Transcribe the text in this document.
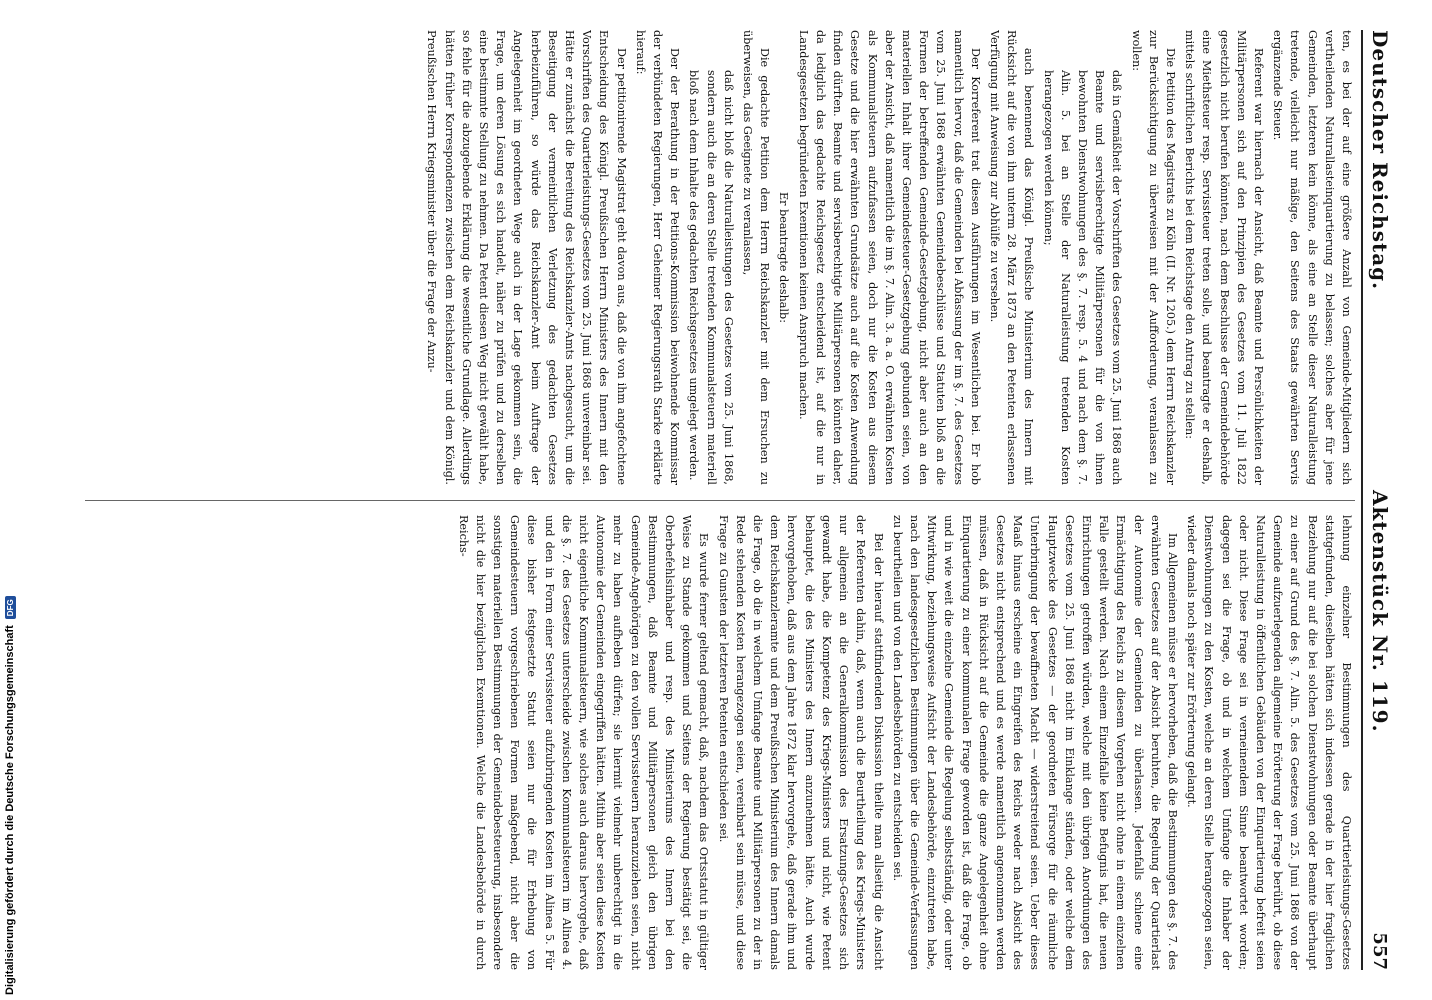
Deutscher Reichstag.
Aktenstück Nr. 119.
557

ten, es bei der auf eine größere Anzahl von Gemeinde-Mitgliedern sich vertheilenden Naturallasteinquartierung zu belassen; solches aber für jene Gemeinden, letzteren kein könne, als eine an Stelle dieser Naturalleistung tretende, vielleicht nur mäßige, den Seitens des Staats gewährten Servis ergänzende Steuer.

Referent war hiernach der Ansicht, daß Beamte und Persönlichkeiten der Militärpersonen sich auf den Prinzipien des Gesetzes vom 11. Juli 1822 gesetzlich nicht berufen könnten, nach dem Beschlusse der Gemeindebehörde eine Miethsteuer resp. Servissteuer treten solle, und beantragte er deshalb, mittels schriftlichen Berichts bei dem Reichstage den Antrag zu stellen:

Die Petition des Magistrats zu Köln (II. Nr. 1205.) dem Herrn Reichskanzler zur Berücksichtigung zu überweisen mit der Aufforderung, veranlassen zu wollen:

daß in Gemäßheit der Vorschriften des Gesetzes vom 25. Juni 1868 auch Beamte und servisberechtigte Militärpersonen für die von ihnen bewohnten Dienstwohnungen des §. 7. resp. 5. 4 und nach dem §. 7. Alin. 5. bei an Stelle der Naturalleistung tretenden Kosten herangezogen werden können;

auch benennend das Königl. Preußische Ministerium des Innern mit Rücksicht auf die von ihm unterm 28. März 1873 an den Petenten erlassenen Verfügung mit Anweisung zur Abhülfe zu versehen.

Der Korreferent trat diesen Ausführungen im Wesentlichen bei. Er hob namentlich hervor, daß die Gemeinden bei Abfassung der im §. 7. des Gesetzes vom 25. Juni 1868 erwähnten Gemeindebeschlüsse und Statuten bloß an die Formen der betreffenden Gemeinde-Gesetzgebung, nicht aber auch an den materiellen Inhalt ihrer Gemeindesteuer-Gesetzgebung gebunden seien, von aber der Ansicht, daß namentlich die im §. 7. Alin. 3. a. a. O. erwähnten Kosten als Kommunalsteuern aufzufassen seien, doch nur die Kosten aus diesem Gesetze und die hier erwähnten Grundsätze auch auf die Kosten Anwendung finden dürften. Beamte und servisberechtigte Militärpersonen könnten daher, da lediglich das gedachte Reichsgesetz entscheidend ist, auf die nur in Landesgesetzen begründeten Exemtionen keinen Anspruch machen.

Er beantragte deshalb:

Die gedachte Petition dem Herrn Reichskanzler mit dem Ersuchen zu überweisen, das Geeignete zu veranlassen,

daß nicht bloß die Naturalleistungen des Gesetzes vom 25. Juni 1868, sondern auch die an deren Stelle tretenden Kommunalsteuern materiell bloß nach dem Inhalte des gedachten Reichsgesetzes umgelegt werden.

Der der Berathung in der Petitions-Kommission beiwohnende Kommissar der verbündeten Regierungen, Herr Geheimer Regierungsrath Starke erklärte hierauf:

Der petitionirende Magistrat geht davon aus, daß die von ihm angefochtene Entscheidung des Königl. Preußischen Herrn Ministers des Innern mit den Vorschriften des Quartierleistungs-Gesetzes vom 25. Juni 1868 unvereinbar sei. Hätte er zunächst die Bereitung des Reichskanzler-Amts nachgesucht, um die Beseitigung der vermeintlichen Verletzung des gedachten Gesetzes herbeizuführen, so würde das Reichskanzler-Amt beim Auftrage der Angelegenheit im geordneten Wege auch in der Lage gekommen sein, die Frage, um deren Lösung es sich handelt, näher zu prüfen und zu derselben eine bestimmte Stellung zu nehmen. Da Petent diesen Weg nicht gewählt habe, so fehle für die abzugebende Erklärung die wesentliche Grundlage. Allerdings hätten früher Korrespondenzen zwischen dem Reichskanzler und dem Königl. Preußischen Herrn Kriegsminister über die Frage der Anzu-

lehnung einzelner Bestimmungen des Quartierleistungs-Gesetzes stattgefunden, dieselben hätten sich indessen gerade in der hier fraglichen Beziehung nur auf die bei solchen Dienstwohnungen oder Beamte überhaupt zu einer auf Grund des §. 7. Alin. 5. des Gesetzes vom 25. Juni 1868 von der Gemeinde aufzuerlegenden allgemeine Erörterung der Frage berührt, ob diese Naturalleistung in öffentlichen Gebäuden von der Einquartierung befreit seien oder nicht. Diese Frage sei in verneinendem Sinne beantwortet worden; dagegen sei die Frage, ob und in welchem Umfange die Inhaber der Dienstwohnungen zu den Kosten, welche an deren Stelle herangezogen seien, wieder damals noch später zur Erörterung gelangt.

Im Allgemeinen müsse er hervorheben, daß die Bestimmungen des §. 7. des erwähnten Gesetzes auf der Absicht beruhten, die Regelung der Quartierlast der Autonomie der Gemeinden zu überlassen. Jedenfalls schiene eine Ermächtigung des Reichs zu diesem Vorgehen nicht ohne in einem einzelnen Falle gestellt werden. Nach einem Einzelfalle keine Befugnis hat, die neuen Einrichtungen getroffen würden, welche mit den übrigen Anordnungen des Gesetzes vom 25. Juni 1868 nicht im Einklange ständen, oder welche dem Hauptzwecke des Gesetzes — der geordneten Fürsorge für die räumliche Unterbringung der bewaffneten Macht — widerstreitend seien. Ueber dieses Maaß hinaus erscheine ein Eingreifen des Reichs weder nach Absicht des Gesetzes nicht entsprechend und es werde namentlich angenommen werden müssen, daß in Rücksicht auf die Gemeinde die ganze Angelegenheit ohne Einquartierung zu einer kommunalen Frage geworden ist, daß die Frage, ob und in wie weit die einzelne Gemeinde die Regelung selbstständig, oder unter Mitwirkung, beziehungsweise Aufsicht der Landesbehörde, einzutreten habe, nach den landesgesetzlichen Bestimmungen über die Gemeinde-Verfassungen zu beurtheilen und von den Landesbehörden zu entscheiden sei.

Bei der hierauf stattfindenden Diskussion theilte man allseitig die Ansicht der Referenten dahin, daß, wenn auch die Beurtheilung des Kriegs-Ministers nur allgemein an die Generalkommission des Ersatzungs-Gesetzes sich gewandt habe, die Kompetenz des Kriegs-Ministers und nicht, wie Petent behauptet, die des Ministers des Innern anzunehmen hätte. Auch wurde hervorgehoben, daß aus dem Jahre 1872 klar hervorgehe, daß gerade ihm und dem Reichskanzleramte und dem Preußischen Ministerium des Innern damals die Frage, ob die in welchem Umfange Beamte und Militärpersonen zu der in Rede stehenden Kosten herangezogen seien, vereinbart sein müsse, und diese Frage zu Gunsten der letzteren Petenten entschieden sei.

Es wurde ferner geltend gemacht, daß, nachdem das Ortsstatut in gültiger Weise zu Stande gekommen und Seitens der Regierung bestätigt sei, die Oberbefehlsinhaber und resp. des Ministeriums des Innern bei den Bestimmungen, daß Beamte und Militärpersonen gleich den übrigen Gemeinde-Angehörigen zu den vollen Servissteuern heranzuziehen seien, nicht mehr zu haben aufheben dürfen; sie hiermit vielmehr unberechtigt in die Autonomie der Gemeinden eingegriffen hätten. Mithin aber seien diese Kosten nicht eigentliche Kommunalsteuern, wie solches auch daraus hervorgehe, daß die §. 7. des Gesetzes unterscheide zwischen Kommunalsteuern im Alinea 4. und den in Form einer Servissteuer aufzubringenden Kosten im Alinea 5. Für diese bisher festgesetzte Statut seien nur die für Erhebung von Gemeindesteuern vorgeschriebenen Formen maßgebend, nicht aber die sonstigen materiellen Bestimmungen der Gemeindebesteuerung, insbesondere nicht die hier bezüglichen Exemtionen. Welche die Landesbehörde in durch Reichs-

Digitalisierung gefördert durch die Deutsche Forschungsgemeinschaft
DFG
